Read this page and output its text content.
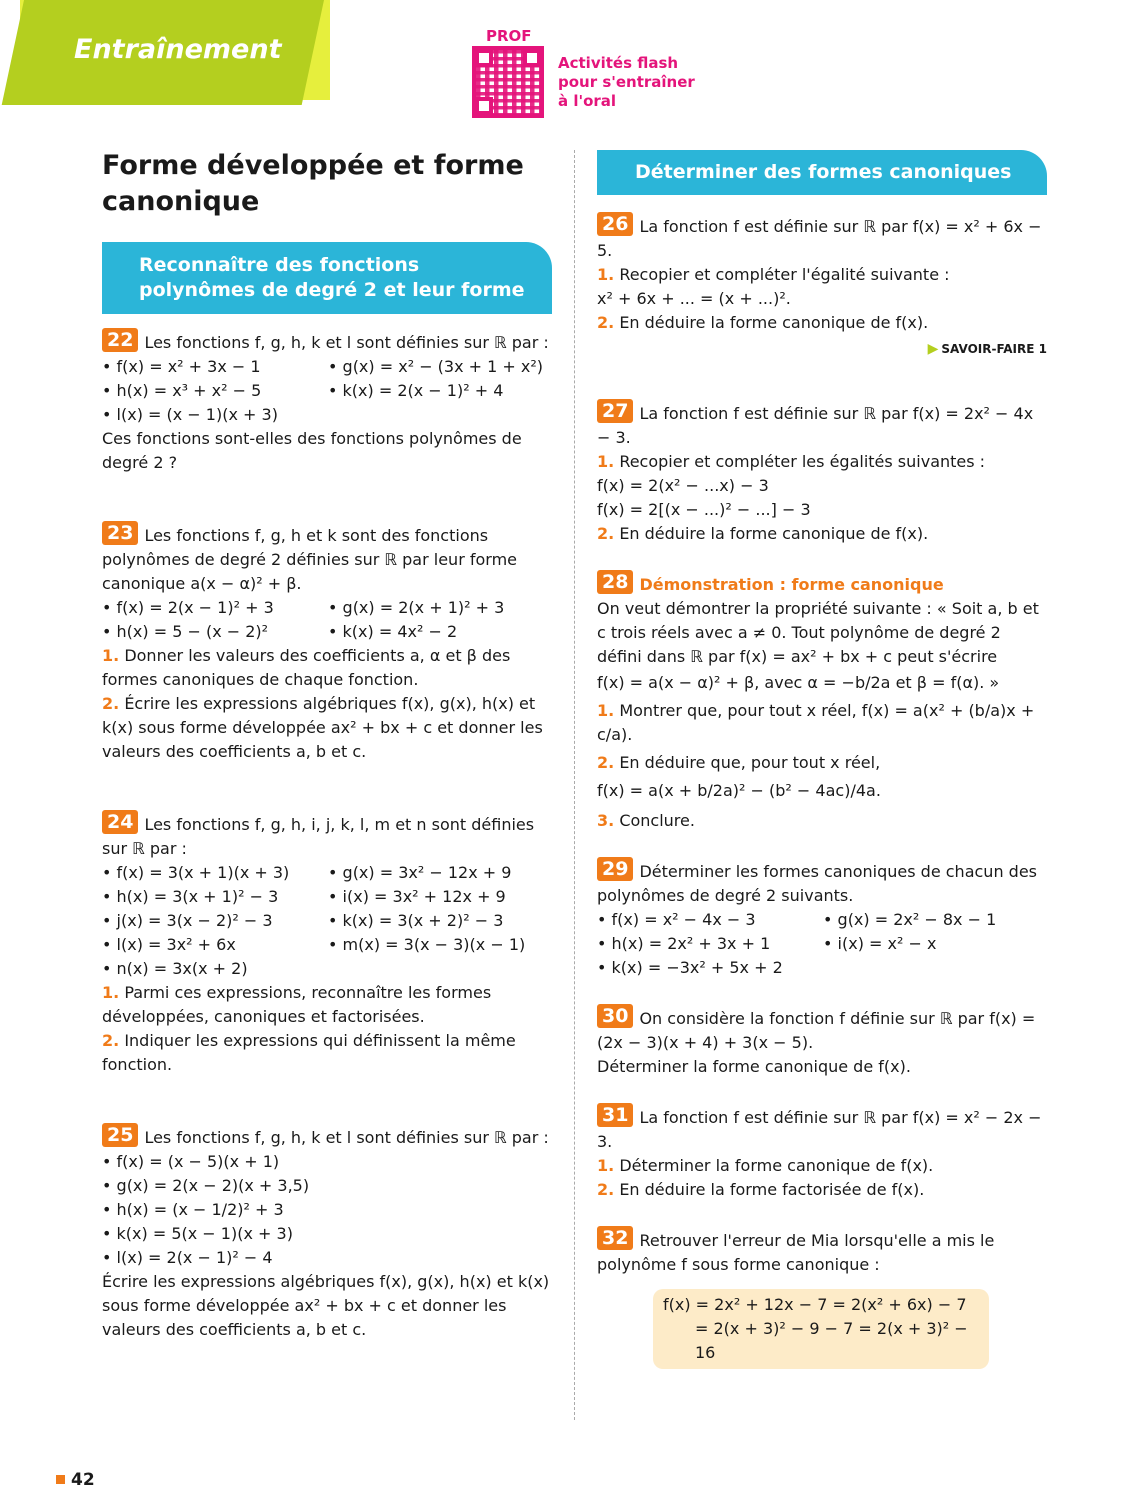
Entraînement	PROF
Activités flash pour s'entraîner à l'oral
Forme développée et forme canonique
Reconnaître des fonctions polynômes de degré 2 et leur forme
22 Les fonctions f, g, h, k et l sont définies sur ℝ par :
• f(x) = x² + 3x − 1	• g(x) = x² − (3x + 1 + x²)
• h(x) = x³ + x² − 5	• k(x) = 2(x − 1)² + 4
• l(x) = (x − 1)(x + 3)
Ces fonctions sont-elles des fonctions polynômes de degré 2 ?
23 Les fonctions f, g, h et k sont des fonctions polynômes de degré 2 définies sur ℝ par leur forme canonique a(x − α)² + β.
• f(x) = 2(x − 1)² + 3	• g(x) = 2(x + 1)² + 3
• h(x) = 5 − (x − 2)²	• k(x) = 4x² − 2
1. Donner les valeurs des coefficients a, α et β des formes canoniques de chaque fonction.
2. Écrire les expressions algébriques f(x), g(x), h(x) et k(x) sous forme développée ax² + bx + c et donner les valeurs des coefficients a, b et c.
24 Les fonctions f, g, h, i, j, k, l, m et n sont définies sur ℝ par :
• f(x) = 3(x + 1)(x + 3)	• g(x) = 3x² − 12x + 9
• h(x) = 3(x + 1)² − 3	• i(x) = 3x² + 12x + 9
• j(x) = 3(x − 2)² − 3	• k(x) = 3(x + 2)² − 3
• l(x) = 3x² + 6x	• m(x) = 3(x − 3)(x − 1)
• n(x) = 3x(x + 2)
1. Parmi ces expressions, reconnaître les formes développées, canoniques et factorisées.
2. Indiquer les expressions qui définissent la même fonction.
25 Les fonctions f, g, h, k et l sont définies sur ℝ par :
• f(x) = (x − 5)(x + 1)
• g(x) = 2(x − 2)(x + 3,5)
• h(x) = (x − 1/2)² + 3
• k(x) = 5(x − 1)(x + 3)
• l(x) = 2(x − 1)² − 4
Écrire les expressions algébriques f(x), g(x), h(x) et k(x) sous forme développée ax² + bx + c et donner les valeurs des coefficients a, b et c.
Déterminer des formes canoniques
26 La fonction f est définie sur ℝ par f(x) = x² + 6x − 5.
1. Recopier et compléter l'égalité suivante :
x² + 6x + ... = (x + ...)².
2. En déduire la forme canonique de f(x).
▶ SAVOIR-FAIRE 1
27 La fonction f est définie sur ℝ par f(x) = 2x² − 4x − 3.
1. Recopier et compléter les égalités suivantes :
f(x) = 2(x² − ...x) − 3
f(x) = 2[(x − ...)² − ...] − 3
2. En déduire la forme canonique de f(x).
28 Démonstration : forme canonique
On veut démontrer la propriété suivante : « Soit a, b et c trois réels avec a ≠ 0. Tout polynôme de degré 2 défini dans ℝ par f(x) = ax² + bx + c peut s'écrire
f(x) = a(x − α)² + β, avec α = −b/2a et β = f(α). »
1. Montrer que, pour tout x réel, f(x) = a(x² + (b/a)x + c/a).
2. En déduire que, pour tout x réel,
f(x) = a(x + b/2a)² − (b² − 4ac)/4a.
3. Conclure.
29 Déterminer les formes canoniques de chacun des polynômes de degré 2 suivants.
• f(x) = x² − 4x − 3	• g(x) = 2x² − 8x − 1
• h(x) = 2x² + 3x + 1	• i(x) = x² − x
• k(x) = −3x² + 5x + 2
30 On considère la fonction f définie sur ℝ par f(x) = (2x − 3)(x + 4) + 3(x − 5).
Déterminer la forme canonique de f(x).
31 La fonction f est définie sur ℝ par f(x) = x² − 2x − 3.
1. Déterminer la forme canonique de f(x).
2. En déduire la forme factorisée de f(x).
32 Retrouver l'erreur de Mia lorsqu'elle a mis le polynôme f sous forme canonique :
f(x) = 2x² + 12x − 7 = 2(x² + 6x) − 7
= 2(x + 3)² − 9 − 7 = 2(x + 3)² − 16
42
